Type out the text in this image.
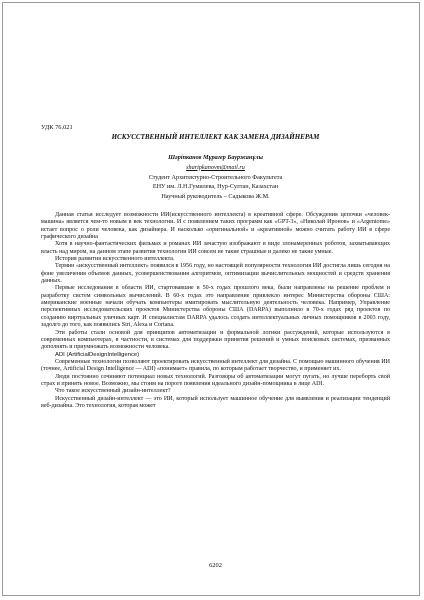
УДК 76.021
ИСКУССТВЕННЫЙ ИНТЕЛЛЕКТ КАК ЗАМЕНА ДИЗАЙНЕРАМ
Шәріпканов Мұрагер Бауржанұлы
sharipkanovm@mail.ru
Студент Архитектурно-Строительного Факультета
ЕНУ им. Л.Н.Гумилева, Нур-Султан, Казахстан
Научный руководитель – Садыкова Ж.М.

Данная статья исследует возможности ИИ(искусственного интеллекта) в креативной сфере. Обсуждения цепочки «человек-машина» является чем-то новым в век технологии. И с появлением таких программ как «GPT-3», «Николай Иронов» и «Argentome» встает вопрос о роли человека, как дизайнера. И насколько «оригинальной» и «креативной» можно считать работу ИИ в сфере графического дизайна

Хотя в научно-фантастических фильмах и романах ИИ зачастую изображают в виде злонамеренных роботов, захватывающих власть над миром, на данном этапе развития технологии ИИ совсем не такие страшные и далеко не такие умные.

История развития искусственного интеллекта.

Термин «искусственный интеллект» появился в 1956 году, но настоящей популярности технология ИИ достигла лишь сегодня на фоне увеличения объемов данных, усовершенствования алгоритмов, оптимизации вычислительных мощностей и средств хранения данных.

Первые исследования в области ИИ, стартовавшие в 50-х годах прошлого века, были направлены на решение проблем и разработку систем символьных вычислений. В 60-х годах это направление привлекло интерес Министерства обороны США: американские военные начали обучать компьютеры имитировать мыслительную деятельность человека. Например, Управление перспективных исследовательских проектов Министерства обороны США (DARPA) выполнило в 70-х годах ряд проектов по созданию виртуальных уличных карт. И специалистам DARPA удалось создать интеллектуальных личных помощников в 2003 году, задолго до того, как появились Siri, Alexa и Cortana.

Эти работы стали основой для принципов автоматизации и формальной логики рассуждений, которые используются в современных компьютерах, в частности, в системах для поддержки принятия решений и умных поисковых системах, призванных дополнять и приумножать возможности человека.

ADI (ArtificialDesignIntelligence)

Современные технологии позволяют проектировать искусственный интеллект для дизайна. С помощью машинного обучения ИИ (точнее, Artificial Design Intelligence — ADI) «понимает» правила, по которым работает творчество, и применяет их.

Люди постоянно сочиняют потенциал новых технологий. Разговоры об автоматизации могут пугать, но лучше переборть свой страх и принять новое. Возможно, мы стоим на пороге появления идеального дизайн-помощника в лице ADI.

Что такое искусственный дизайн-интеллект?

Искусственный дизайн-интеллект — это ИИ, который использует машинное обучение для выявления и реализации тенденций веб-дизайна. Это технология, которая может

6202
